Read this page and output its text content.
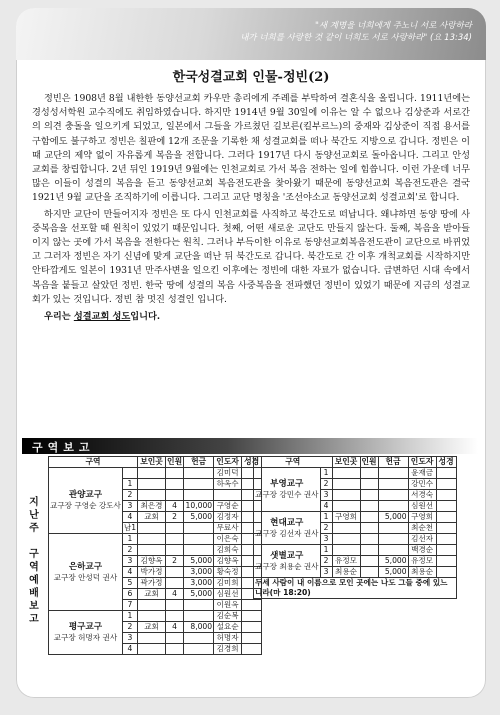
"새 계명을 너희에게 주노니 서로 사랑하라
내가 너희를 사랑한 것 같이 너희도 서로 사랑하라" (요 13:34)
한국성결교회 인물-정빈(2)

정빈은 1908년 8월 내한한 동양선교회 카우만 총리에게 주례를 부탁하여 결혼식을 올립니다. 1911년에는 경성성서학원 교수직에도 취임하였습니다. 하지만 1914년 9월 30일에 이유는 알 수 없으나 김상준과 서로간의 의견 충돌을 일으키게 되었고, 일본에서 그들을 가르쳤던 길보른(킬부르느)의 중재와 김상준이 직접 용서를 구함에도 불구하고 정빈은 칠판에 12개 조문을 기록한 채 성결교회를 떠나 북간도 지방으로 갑니다. 정빈은 이때 교단의 제약 없이 자유롭게 복음을 전합니다. 그러다 1917년 다시 동양선교회로 돌아옵니다. 그리고 안성교회를 창립합니다. 2년 뒤인 1919년 9월에는 인천교회로 가서 복음 전하는 일에 힘씁니다. 이런 가운데 너무 많은 이들이 성결의 복음을 듣고 동양선교회 복음전도관을 찾아왔기 때문에 동양선교회 복음전도관은 결국 1921년 9월 교단을 조직하기에 이릅니다. 그리고 교단 명칭을 '조선야소교 동양선교회 성결교회'로 합니다.

하지만 교단이 만들어지자 정빈은 또 다시 인천교회를 사직하고 북간도로 떠납니다. 왜냐하면 동양 땅에 사중복음을 선포할 때 원칙이 있었기 때문입니다. 첫째, 어떤 새로운 교단도 만들지 않는다. 둘째, 복음을 받아들이지 않는 곳에 가서 복음을 전한다는 원칙. 그러나 부득이한 이유로 동양선교회복음전도관이 교단으로 바뀌었고 그러자 정빈은 자기 신념에 맞게 교단을 떠난 뒤 북간도로 갑니다. 북간도로 간 이후 개척교회를 시작하지만 안타깝게도 일본이 1931년 만주사변을 일으킨 이후에는 정빈에 대한 자료가 없습니다. 급변하던 시대 속에서 복음을 붙들고 살았던 정빈. 한국 땅에 성결의 복음 사중복음을 전파했던 정빈이 있었기 때문에 지금의 성결교회가 있는 것입니다. 정빈 참 멋진 성결인 입니다.

우리는 성결교회 성도입니다.

구역보고
지난주
구역예배보고
구역		보인곳	인원	헌금	인도자	성경

관양교구
교구장 구영순 강도사					김미덕	
	1				하옥수	
	2					
	3	최은경	4	10,000	구영순	
	4	교회	2	5,000	김정자	
	남1				무료사	

은하교구
교구장 안성덕 권사	1				이은숙	
	2				김희숙	
	3	김향옥	2	5,000	김향옥	
	4	박가정		3,000	황숙정	
	5	곽가정		3,000	김미희	
	6	교회	4	5,000	심원선	
	7				이원옥	

평구교구
교구장 허명자 권사	1				김순복	
	2	교회	4	8,000	설요순	
	3				허명자	
	4				김경희	
구역		보인곳	인원	헌금	인도자	성경

부영교구
교구장 강민수 권사	1				윤재금	
	2				강민수	
	3				서경숙	
	4				심원선	

현대교구
교구장 김선자 권사	1	구영희		5,000	구영희	
	2				최순천	
	3				김선자	

샛별교구
교구장 최용순 권사	1				백경순	
	2	유정모		5,000	유정모	
	3	최용순		5,000	최용순	
두세 사람이 내 이름으로 모인 곳에는 나도 그들 중에 있느니라(마 18:20)						
